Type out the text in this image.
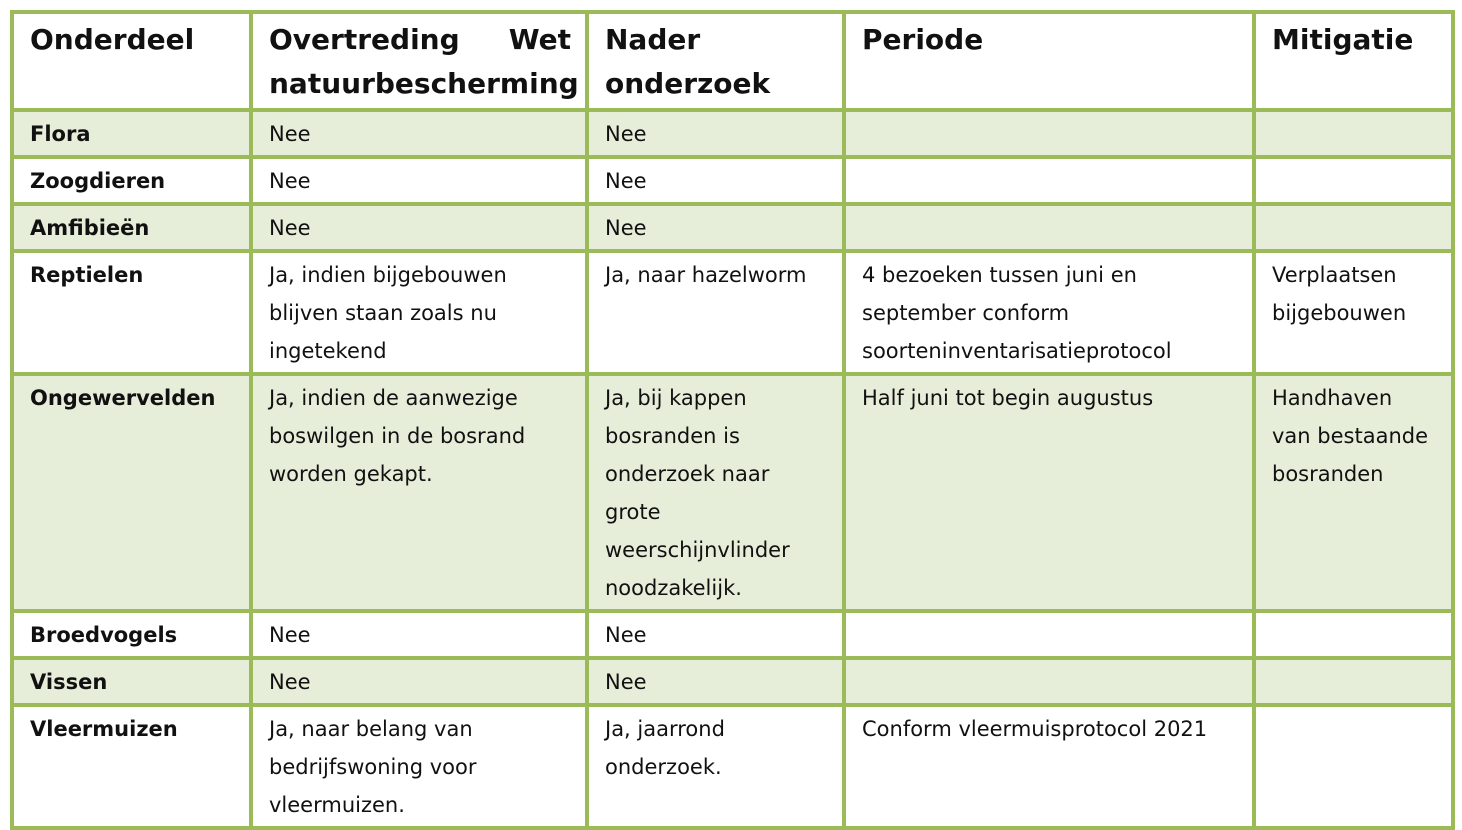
Onderdeel	Overtreding Wet natuurbescherming	Nader onderzoek	Periode	Mitigatie
Flora	Nee	Nee		
Zoogdieren	Nee	Nee		
Amfibieën	Nee	Nee		
Reptielen	Ja, indien bijgebouwen blijven staan zoals nu ingetekend	Ja, naar hazelworm	4 bezoeken tussen juni en september conform soorteninventarisatieprotocol	Verplaatsen bijgebouwen
Ongewervelden	Ja, indien de aanwezige boswilgen in de bosrand worden gekapt.	Ja, bij kappen bosranden is onderzoek naar grote weerschijnvlinder noodzakelijk.	Half juni tot begin augustus	Handhaven van bestaande bosranden
Broedvogels	Nee	Nee		
Vissen	Nee	Nee		
Vleermuizen	Ja, naar belang van bedrijfswoning voor vleermuizen.	Ja, jaarrond onderzoek.	Conform vleermuisprotocol 2021	
